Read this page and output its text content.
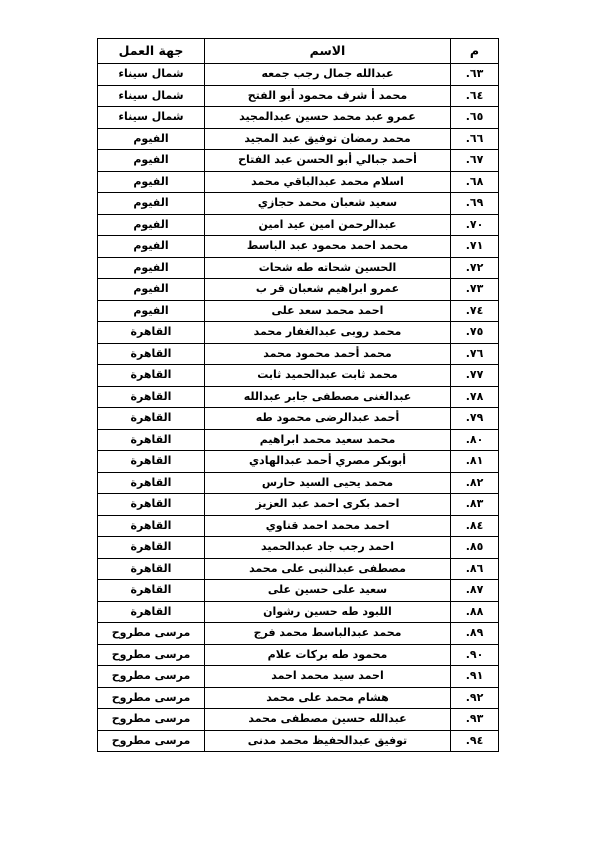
م	الاسم	جهة العمل
٦٣.	عبدالله جمال رجب جمعه	شمال سيناء
٦٤.	محمد أ شرف محمود أبو الفتح	شمال سيناء
٦٥.	عمرو عبد محمد حسين عبدالمجيد	شمال سيناء
٦٦.	محمد رمضان توفيق عبد المجيد	الفيوم
٦٧.	أحمد جبالي أبو الحسن عبد الفتاح	الفيوم
٦٨.	اسلام محمد عبدالباقي محمد	الفيوم
٦٩.	سعيد شعبان محمد حجازي	الفيوم
٧٠.	عبدالرحمن امين عيد امين	الفيوم
٧١.	محمد احمد محمود عبد الباسط	الفيوم
٧٢.	الحسين شحاته طه شحات	الفيوم
٧٣.	عمرو ابراهيم شعبان قر ب	الفيوم
٧٤.	احمد محمد سعد على	الفيوم
٧٥.	محمد روبى عبدالغفار محمد	القاهرة
٧٦.	محمد أحمد محمود محمد	القاهرة
٧٧.	محمد ثابت عبدالحميد ثابت	القاهرة
٧٨.	عبدالغنى مصطفى جابر عبدالله	القاهرة
٧٩.	أحمد عبدالرضى محمود طه	القاهرة
٨٠.	محمد سعيد محمد ابراهيم	القاهرة
٨١.	أبوبكر مصري أحمد عبدالهادي	القاهرة
٨٢.	محمد يحيى السيد حارس	القاهرة
٨٣.	احمد بكرى احمد عبد العزيز	القاهرة
٨٤.	احمد محمد احمد قناوي	القاهرة
٨٥.	احمد رجب جاد عبدالحميد	القاهرة
٨٦.	مصطفى عبدالنبى على محمد	القاهرة
٨٧.	سعيد على حسين على	القاهرة
٨٨.	اللبود طه حسين رشوان	القاهرة
٨٩.	محمد عبدالباسط محمد فرج	مرسى مطروح
٩٠.	محمود طه بركات علام	مرسى مطروح
٩١.	احمد سيد محمد احمد	مرسى مطروح
٩٢.	هشام محمد على محمد	مرسى مطروح
٩٣.	عبدالله حسين مصطفى محمد	مرسى مطروح
٩٤.	توفيق عبدالحفيظ محمد مدنى	مرسى مطروح
